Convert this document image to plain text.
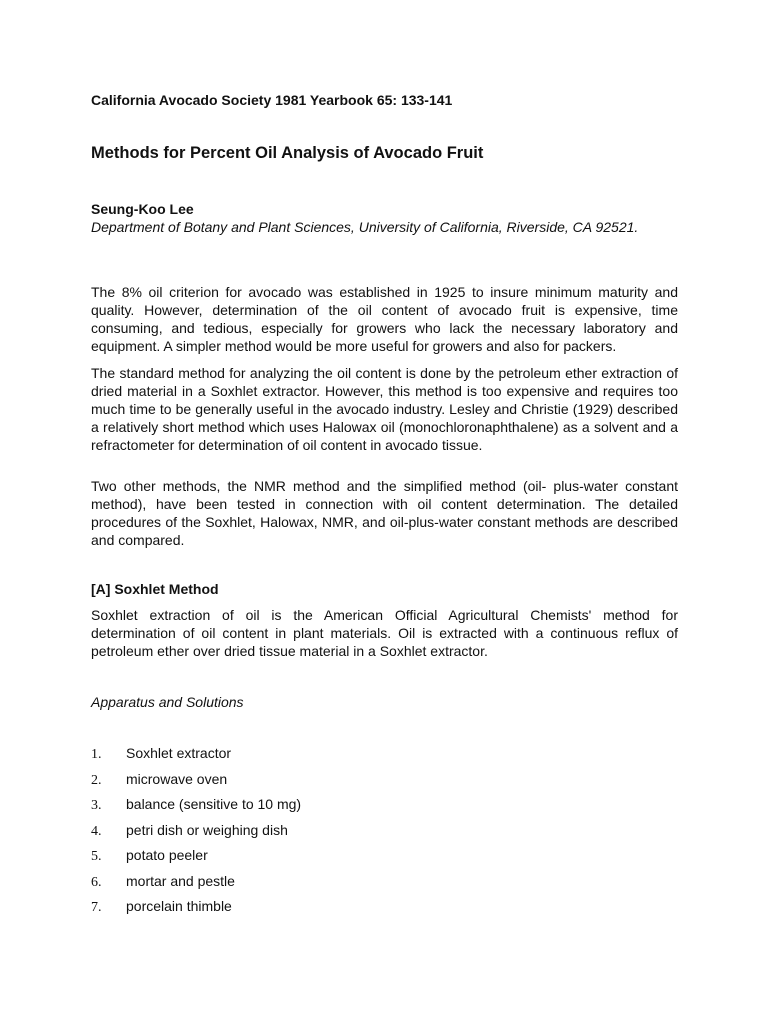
California Avocado Society 1981 Yearbook 65: 133-141
Methods for Percent Oil Analysis of Avocado Fruit
Seung-Koo Lee
Department of Botany and Plant Sciences, University of California, Riverside, CA 92521.

The 8% oil criterion for avocado was established in 1925 to insure minimum maturity and quality. However, determination of the oil content of avocado fruit is expensive, time consuming, and tedious, especially for growers who lack the necessary laboratory and equipment. A simpler method would be more useful for growers and also for packers.

The standard method for analyzing the oil content is done by the petroleum ether extraction of dried material in a Soxhlet extractor. However, this method is too expensive and requires too much time to be generally useful in the avocado industry. Lesley and Christie (1929) described a relatively short method which uses Halowax oil (monochloronaphthalene) as a solvent and a refractometer for determination of oil content in avocado tissue.

Two other methods, the NMR method and the simplified method (oil- plus-water constant method), have been tested in connection with oil content determination. The detailed procedures of the Soxhlet, Halowax, NMR, and oil-plus-water constant methods are described and compared.

[A] Soxhlet Method

Soxhlet extraction of oil is the American Official Agricultural Chemists' method for determination of oil content in plant materials. Oil is extracted with a continuous reflux of petroleum ether over dried tissue material in a Soxhlet extractor.

Apparatus and Solutions
1. Soxhlet extractor
2. microwave oven
3. balance (sensitive to 10 mg)
4. petri dish or weighing dish
5. potato peeler
6. mortar and pestle
7. porcelain thimble
